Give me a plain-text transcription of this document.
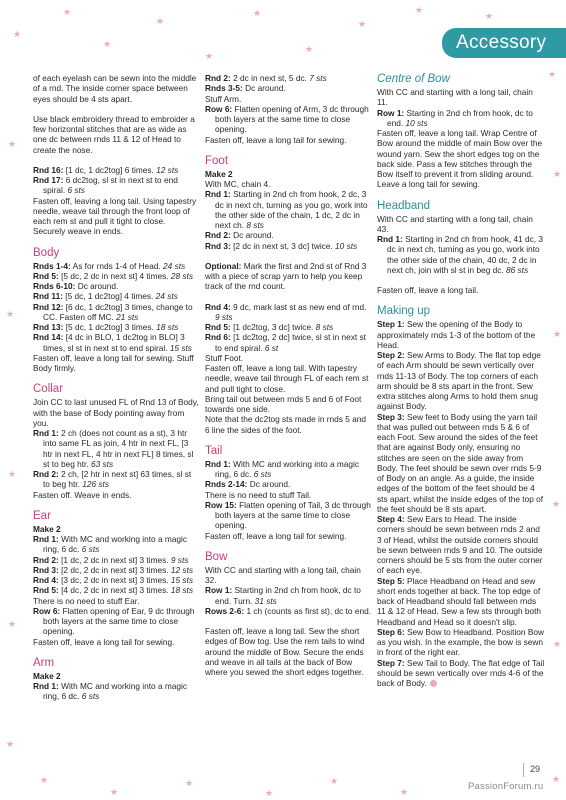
★
★
★
★
★
★
★
★
★
★
★
★
★
★
★
★
★
★
★
★
★
★
★
★
★
★
★
Accessory

of each eyelash can be sewn into the middle of a rnd. The inside corner space between eyes should be 4 sts apart.

Use black embroidery thread to embroider a few horizontal stitches that are as wide as one dc between rnds 11 & 12 of Head to create the nose.

Rnd 16: [1 dc, 1 dc2tog] 6 times. 12 sts

Rnd 17: 6 dc2tog, sl st in next st to end spiral. 6 sts

Fasten off, leaving a long tail. Using tapestry needle, weave tail through the front loop of each rem st and pull it tight to close. Securely weave in ends.

Body

Rnds 1-4: As for rnds 1-4 of Head. 24 sts

Rnd 5: [5 dc, 2 dc in next st] 4 times. 28 sts

Rnds 6-10: Dc around.

Rnd 11: [5 dc, 1 dc2tog] 4 times. 24 sts

Rnd 12: [6 dc, 1 dc2tog] 3 times, change to CC. Fasten off MC. 21 sts

Rnd 13: [5 dc, 1 dc2tog] 3 times. 18 sts

Rnd 14: [4 dc in BLO, 1 dc2tog in BLO] 3 times, sl st in next st to end spiral. 15 sts

Fasten off, leave a long tail for sewing. Stuff Body firmly.

Collar

Join CC to last unused FL of Rnd 13 of Body, with the base of Body pointing away from you.

Rnd 1: 2 ch (does not count as a st), 3 htr into same FL as join, 4 htr in next FL, [3 htr in next FL, 4 htr in next FL] 8 times, sl st to beg htr. 63 sts

Rnd 2: 2 ch, [2 htr in next st] 63 times, sl st to beg htr. 126 sts

Fasten off. Weave in ends.

Ear

Make 2

Rnd 1: With MC and working into a magic ring, 6 dc. 6 sts

Rnd 2: [1 dc, 2 dc in next st] 3 times. 9 sts

Rnd 3: [2 dc, 2 dc in next st] 3 times. 12 sts

Rnd 4: [3 dc, 2 dc in next st] 3 times. 15 sts

Rnd 5: [4 dc, 2 dc in next st] 3 times. 18 sts

There is no need to stuff Ear.

Row 6: Flatten opening of Ear, 9 dc through both layers at the same time to close opening.

Fasten off, leave a long tail for sewing.

Arm

Make 2

Rnd 1: With MC and working into a magic ring, 6 dc. 6 sts

Rnd 2: 2 dc in next st, 5 dc. 7 sts

Rnds 3-5: Dc around.

Stuff Arm.

Row 6: Flatten opening of Arm, 3 dc through both layers at the same time to close opening.

Fasten off, leave a long tail for sewing.

Foot

Make 2

With MC, chain 4.

Rnd 1: Starting in 2nd ch from hook, 2 dc, 3 dc in next ch, turning as you go, work into the other side of the chain, 1 dc, 2 dc in next ch. 8 sts

Rnd 2: Dc around.

Rnd 3: [2 dc in next st, 3 dc] twice. 10 sts

Optional: Mark the first and 2nd st of Rnd 3 with a piece of scrap yarn to help you keep track of the rnd count.

Rnd 4: 9 dc, mark last st as new end of rnd. 9 sts

Rnd 5: [1 dc2tog, 3 dc] twice. 8 sts

Rnd 6: [1 dc2tog, 2 dc] twice, sl st in next st to end spiral. 6 st

Stuff Foot.

Fasten off, leave a long tail. With tapestry needle, weave tail through FL of each rem st and pull tight to close.

Bring tail out between rnds 5 and 6 of Foot towards one side.

Note that the dc2tog sts made in rnds 5 and 6 line the sides of the foot.

Tail

Rnd 1: With MC and working into a magic ring, 6 dc. 6 sts

Rnds 2-14: Dc around.

There is no need to stuff Tail.

Row 15: Flatten opening of Tail, 3 dc through both layers at the same time to close opening.

Fasten off, leave a long tail for sewing.

Bow

With CC and starting with a long tail, chain 32.

Row 1: Starting in 2nd ch from hook, dc to end. Turn. 31 sts

Rows 2-6: 1 ch (counts as first st), dc to end.

Fasten off, leave a long tail. Sew the short edges of Bow tog. Use the rem tails to wind around the middle of Bow. Secure the ends and weave in all tails at the back of Bow where you sewed the short edges together.

Centre of Bow

With CC and starting with a long tail, chain 11.

Row 1: Starting in 2nd ch from hook, dc to end. 10 sts

Fasten off, leave a long tail. Wrap Centre of Bow around the middle of main Bow over the wound yarn. Sew the short edges tog on the back side. Pass a few stitches through the Bow itself to prevent it from sliding around. Leave a long tail for sewing.

Headband

With CC and starting with a long tail, chain 43.

Rnd 1: Starting in 2nd ch from hook, 41 dc, 3 dc in next ch, turning as you go, work into the other side of the chain, 40 dc, 2 dc in next ch, join with sl st in beg dc. 86 sts

Fasten off, leave a long tail.

Making up

Step 1: Sew the opening of the Body to approximately rnds 1-3 of the bottom of the Head.

Step 2: Sew Arms to Body. The flat top edge of each Arm should be sewn vertically over rnds 11-13 of Body. The top corners of each arm should be 8 sts apart in the front. Sew extra stitches along Arms to hold them snug against Body.

Step 3: Sew feet to Body using the yarn tail that was pulled out between rnds 5 & 6 of each Foot. Sew around the sides of the feet that are against Body only, ensuring no stitches are seen on the side away from Body. The feet should be sewn over rnds 5-9 of Body on an angle. As a guide, the inside edges of the bottom of the feet should be 4 sts apart, whilst the inside edges of the top of the feet should be 8 sts apart.

Step 4: Sew Ears to Head. The inside corners should be sewn between rnds 2 and 3 of Head, whilst the outside corners should be sewn between rnds 9 and 10. The outside corners should be 5 sts from the outer corner of each eye.

Step 5: Place Headband on Head and sew short ends together at back. The top edge of back of Headband should fall between rnds 11 & 12 of Head. Sew a few sts through both Headband and Head so it doesn't slip.

Step 6: Sew Bow to Headband. Position Bow as you wish. In the example, the bow is sewn in front of the right ear.

Step 7: Sew Tail to Body. The flat edge of Tail should be sewn vertically over rnds 4-6 of the back of Body.

29
PassionForum.ru
